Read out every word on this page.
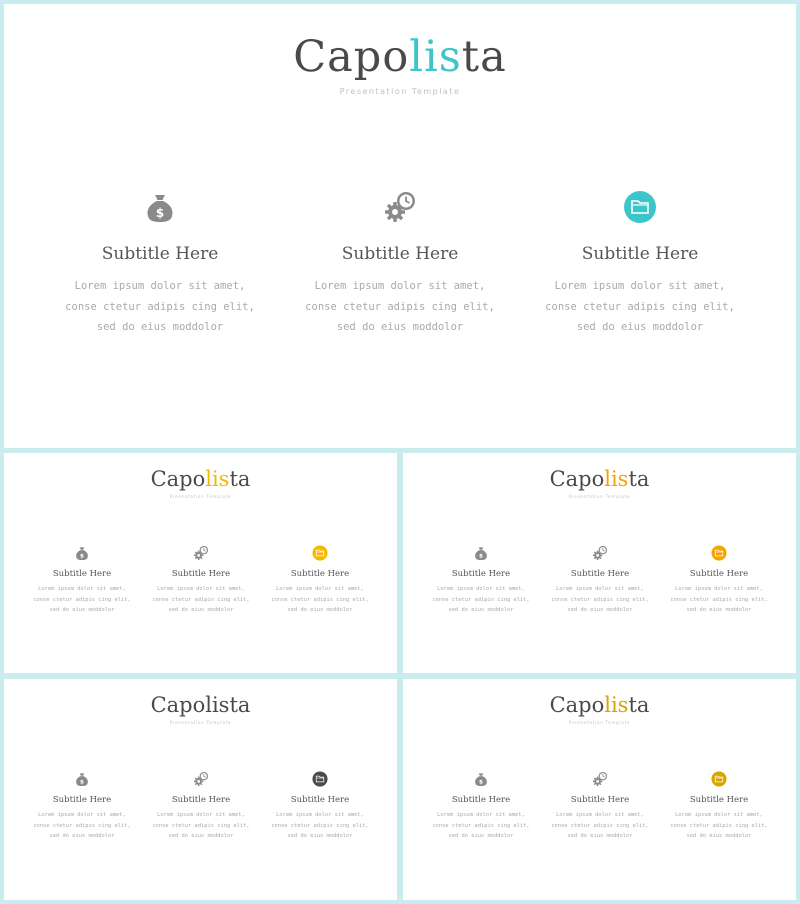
Capolista
Presentation Template
$
Subtitle Here
Lorem ipsum dolor sit amet, conse ctetur adipis cing elit, sed do eius moddolor
Subtitle Here
Lorem ipsum dolor sit amet, conse ctetur adipis cing elit, sed do eius moddolor
Subtitle Here
Lorem ipsum dolor sit amet, conse ctetur adipis cing elit, sed do eius moddolor
Capolista
Presentation Template
$
Subtitle Here
Lorem ipsum dolor sit amet, conse ctetur adipis cing elit, sed do eius moddolor
Subtitle Here
Lorem ipsum dolor sit amet, conse ctetur adipis cing elit, sed do eius moddolor
Subtitle Here
Lorem ipsum dolor sit amet, conse ctetur adipis cing elit, sed do eius moddolor
Capolista
Presentation Template
$
Subtitle Here
Lorem ipsum dolor sit amet, conse ctetur adipis cing elit, sed do eius moddolor
Subtitle Here
Lorem ipsum dolor sit amet, conse ctetur adipis cing elit, sed do eius moddolor
Subtitle Here
Lorem ipsum dolor sit amet, conse ctetur adipis cing elit, sed do eius moddolor
Capolista
Presentation Template
$
Subtitle Here
Lorem ipsum dolor sit amet, conse ctetur adipis cing elit, sed do eius moddolor
Subtitle Here
Lorem ipsum dolor sit amet, conse ctetur adipis cing elit, sed do eius moddolor
Subtitle Here
Lorem ipsum dolor sit amet, conse ctetur adipis cing elit, sed do eius moddolor
Capolista
Presentation Template
$
Subtitle Here
Lorem ipsum dolor sit amet, conse ctetur adipis cing elit, sed do eius moddolor
Subtitle Here
Lorem ipsum dolor sit amet, conse ctetur adipis cing elit, sed do eius moddolor
Subtitle Here
Lorem ipsum dolor sit amet, conse ctetur adipis cing elit, sed do eius moddolor
